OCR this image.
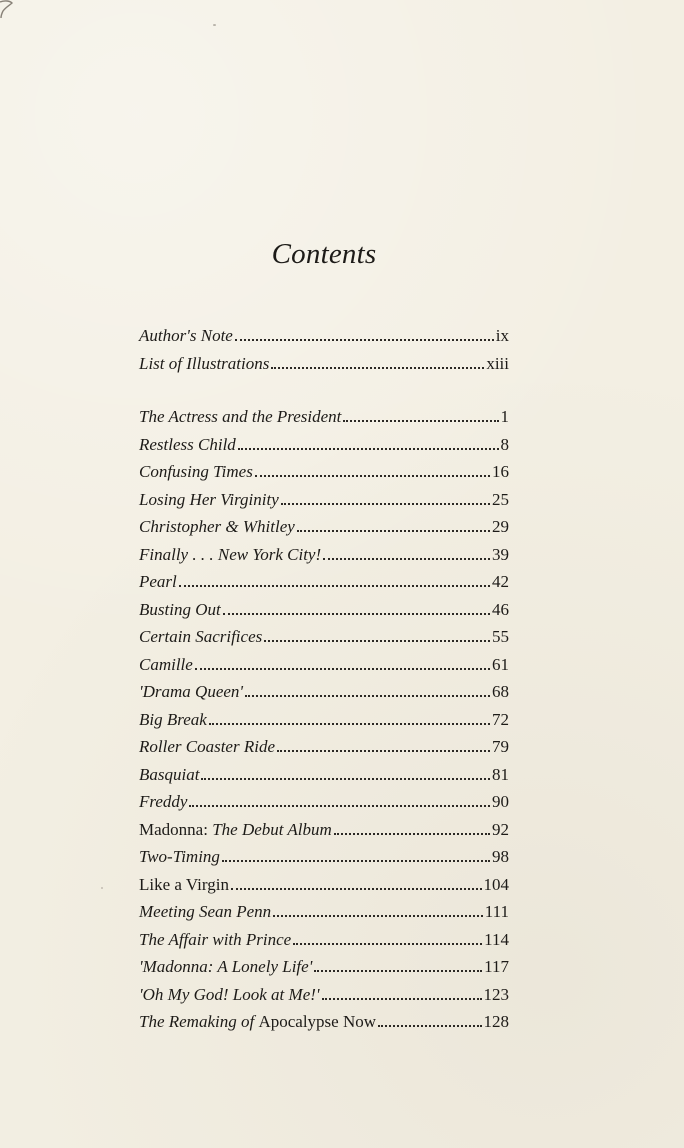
Contents
Author's Note	ix
List of Illustrations	xiii
The Actress and the President	1
Restless Child	8
Confusing Times	16
Losing Her Virginity	25
Christopher & Whitley	29
Finally . . . New York City!	39
Pearl	42
Busting Out	46
Certain Sacrifices	55
Camille	61
'Drama Queen'	68
Big Break	72
Roller Coaster Ride	79
Basquiat	81
Freddy	90
Madonna: The Debut Album	92
Two-Timing	98
Like a Virgin	104
Meeting Sean Penn	111
The Affair with Prince	114
'Madonna: A Lonely Life'	117
'Oh My God! Look at Me!'	123
The Remaking of Apocalypse Now	128
